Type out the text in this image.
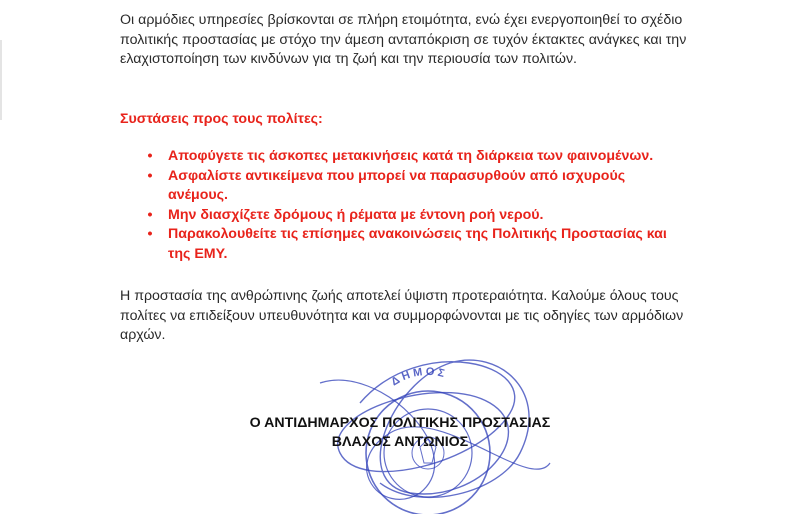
Οι αρμόδιες υπηρεσίες βρίσκονται σε πλήρη ετοιμότητα, ενώ έχει ενεργοποιηθεί το σχέδιο πολιτικής προστασίας με στόχο την άμεση ανταπόκριση σε τυχόν έκτακτες ανάγκες και την ελαχιστοποίηση των κινδύνων για τη ζωή και την περιουσία των πολιτών.

Συστάσεις προς τους πολίτες:

• Αποφύγετε τις άσκοπες μετακινήσεις κατά τη διάρκεια των φαινομένων.
• Ασφαλίστε αντικείμενα που μπορεί να παρασυρθούν από ισχυρούς ανέμους.
• Μην διασχίζετε δρόμους ή ρέματα με έντονη ροή νερού.
• Παρακολουθείτε τις επίσημες ανακοινώσεις της Πολιτικής Προστασίας και της ΕΜΥ.

Η προστασία της ανθρώπινης ζωής αποτελεί ύψιστη προτεραιότητα. Καλούμε όλους τους πολίτες να επιδείξουν υπευθυνότητα και να συμμορφώνονται με τις οδηγίες των αρμόδιων αρχών.

ΔΗΜΟΣ

Ο ΑΝΤΙΔΗΜΑΡΧΟΣ ΠΟΛΙΤΙΚΗΣ ΠΡΟΣΤΑΣΙΑΣ

ΒΛΑΧΟΣ ΑΝΤΩΝΙΟΣ
